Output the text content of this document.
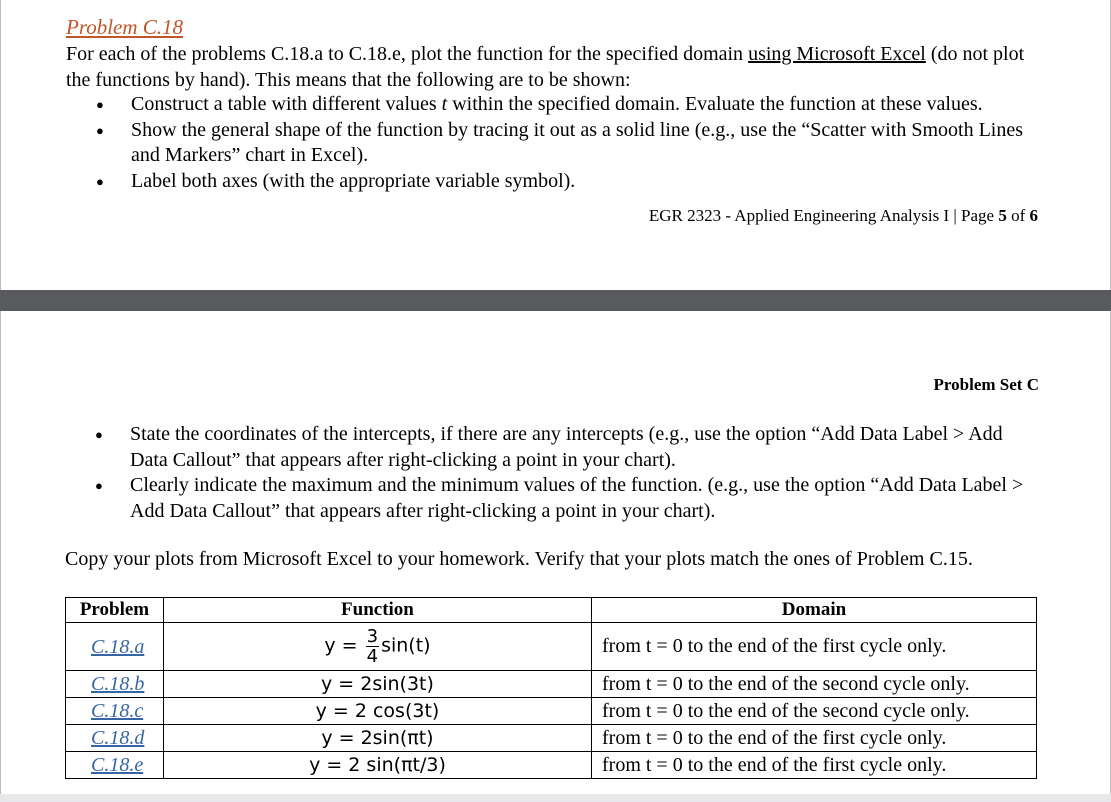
Problem C.18

For each of the problems C.18.a to C.18.e, plot the function for the specified domain using Microsoft Excel (do not plot the functions by hand). This means that the following are to be shown:

● Construct a table with different values t within the specified domain. Evaluate the function at these values.
● Show the general shape of the function by tracing it out as a solid line (e.g., use the “Scatter with Smooth Lines and Markers” chart in Excel).
● Label both axes (with the appropriate variable symbol).
EGR 2323 - Applied Engineering Analysis I | Page 5 of 6
Problem Set C
● State the coordinates of the intercepts, if there are any intercepts (e.g., use the option “Add Data Label > Add Data Callout” that appears after right-clicking a point in your chart).
● Clearly indicate the maximum and the minimum values of the function. (e.g., use the option “Add Data Label > Add Data Callout” that appears after right-clicking a point in your chart).

Copy your plots from Microsoft Excel to your homework. Verify that your plots match the ones of Problem C.15.

Problem	Function	Domain

C.18.a	$y = \frac{3}{4} \sin(t)$	from t = 0 to the end of the first cycle only.

C.18.b	y = 2sin(3t)	from t = 0 to the end of the second cycle only.

C.18.c	y = 2 cos(3t)	from t = 0 to the end of the second cycle only.

C.18.d	y = 2sin(πt)	from t = 0 to the end of the first cycle only.

C.18.e	y = 2 sin(πt/3)	from t = 0 to the end of the first cycle only.
